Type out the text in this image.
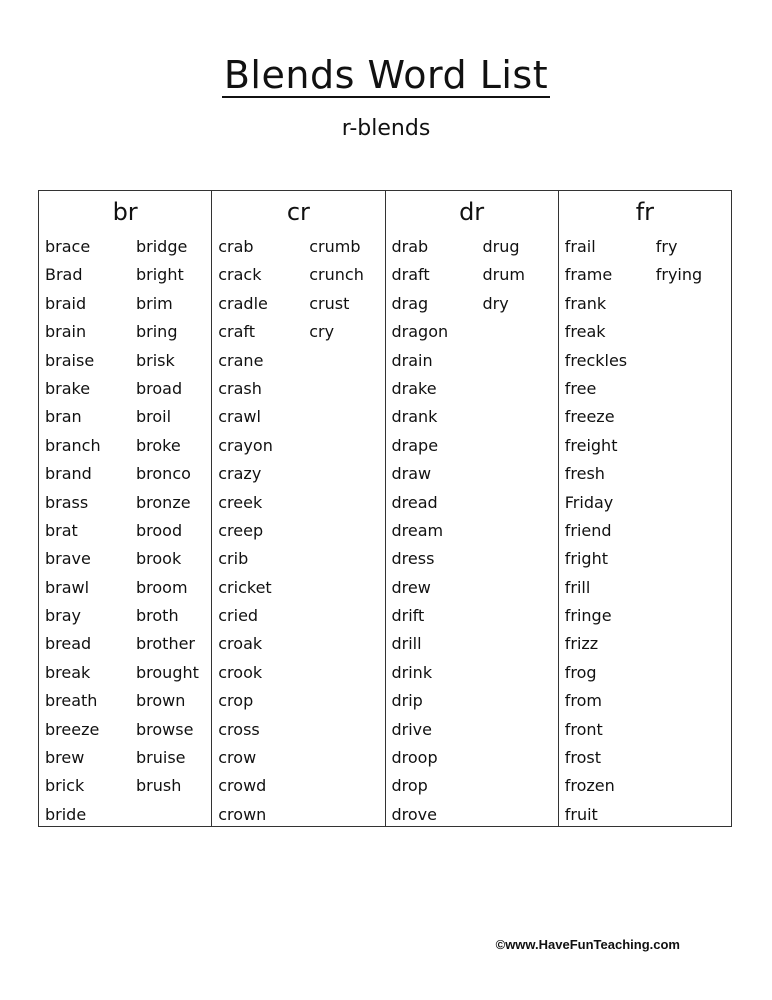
Blends Word List
r-blends
br
brace
Brad
braid
brain
braise
brake
bran
branch
brand
brass
brat
brave
brawl
bray
bread
break
breath
breeze
brew
brick
bride
bridge
bright
brim
bring
brisk
broad
broil
broke
bronco
bronze
brood
brook
broom
broth
brother
brought
brown
browse
bruise
brush
cr
crab
crack
cradle
craft
crane
crash
crawl
crayon
crazy
creek
creep
crib
cricket
cried
croak
crook
crop
cross
crow
crowd
crown
crumb
crunch
crust
cry
dr
drab
draft
drag
dragon
drain
drake
drank
drape
draw
dread
dream
dress
drew
drift
drill
drink
drip
drive
droop
drop
drove
drug
drum
dry
fr
frail
frame
frank
freak
freckles
free
freeze
freight
fresh
Friday
friend
fright
frill
fringe
frizz
frog
from
front
frost
frozen
fruit
fry
frying
©www.HaveFunTeaching.com
